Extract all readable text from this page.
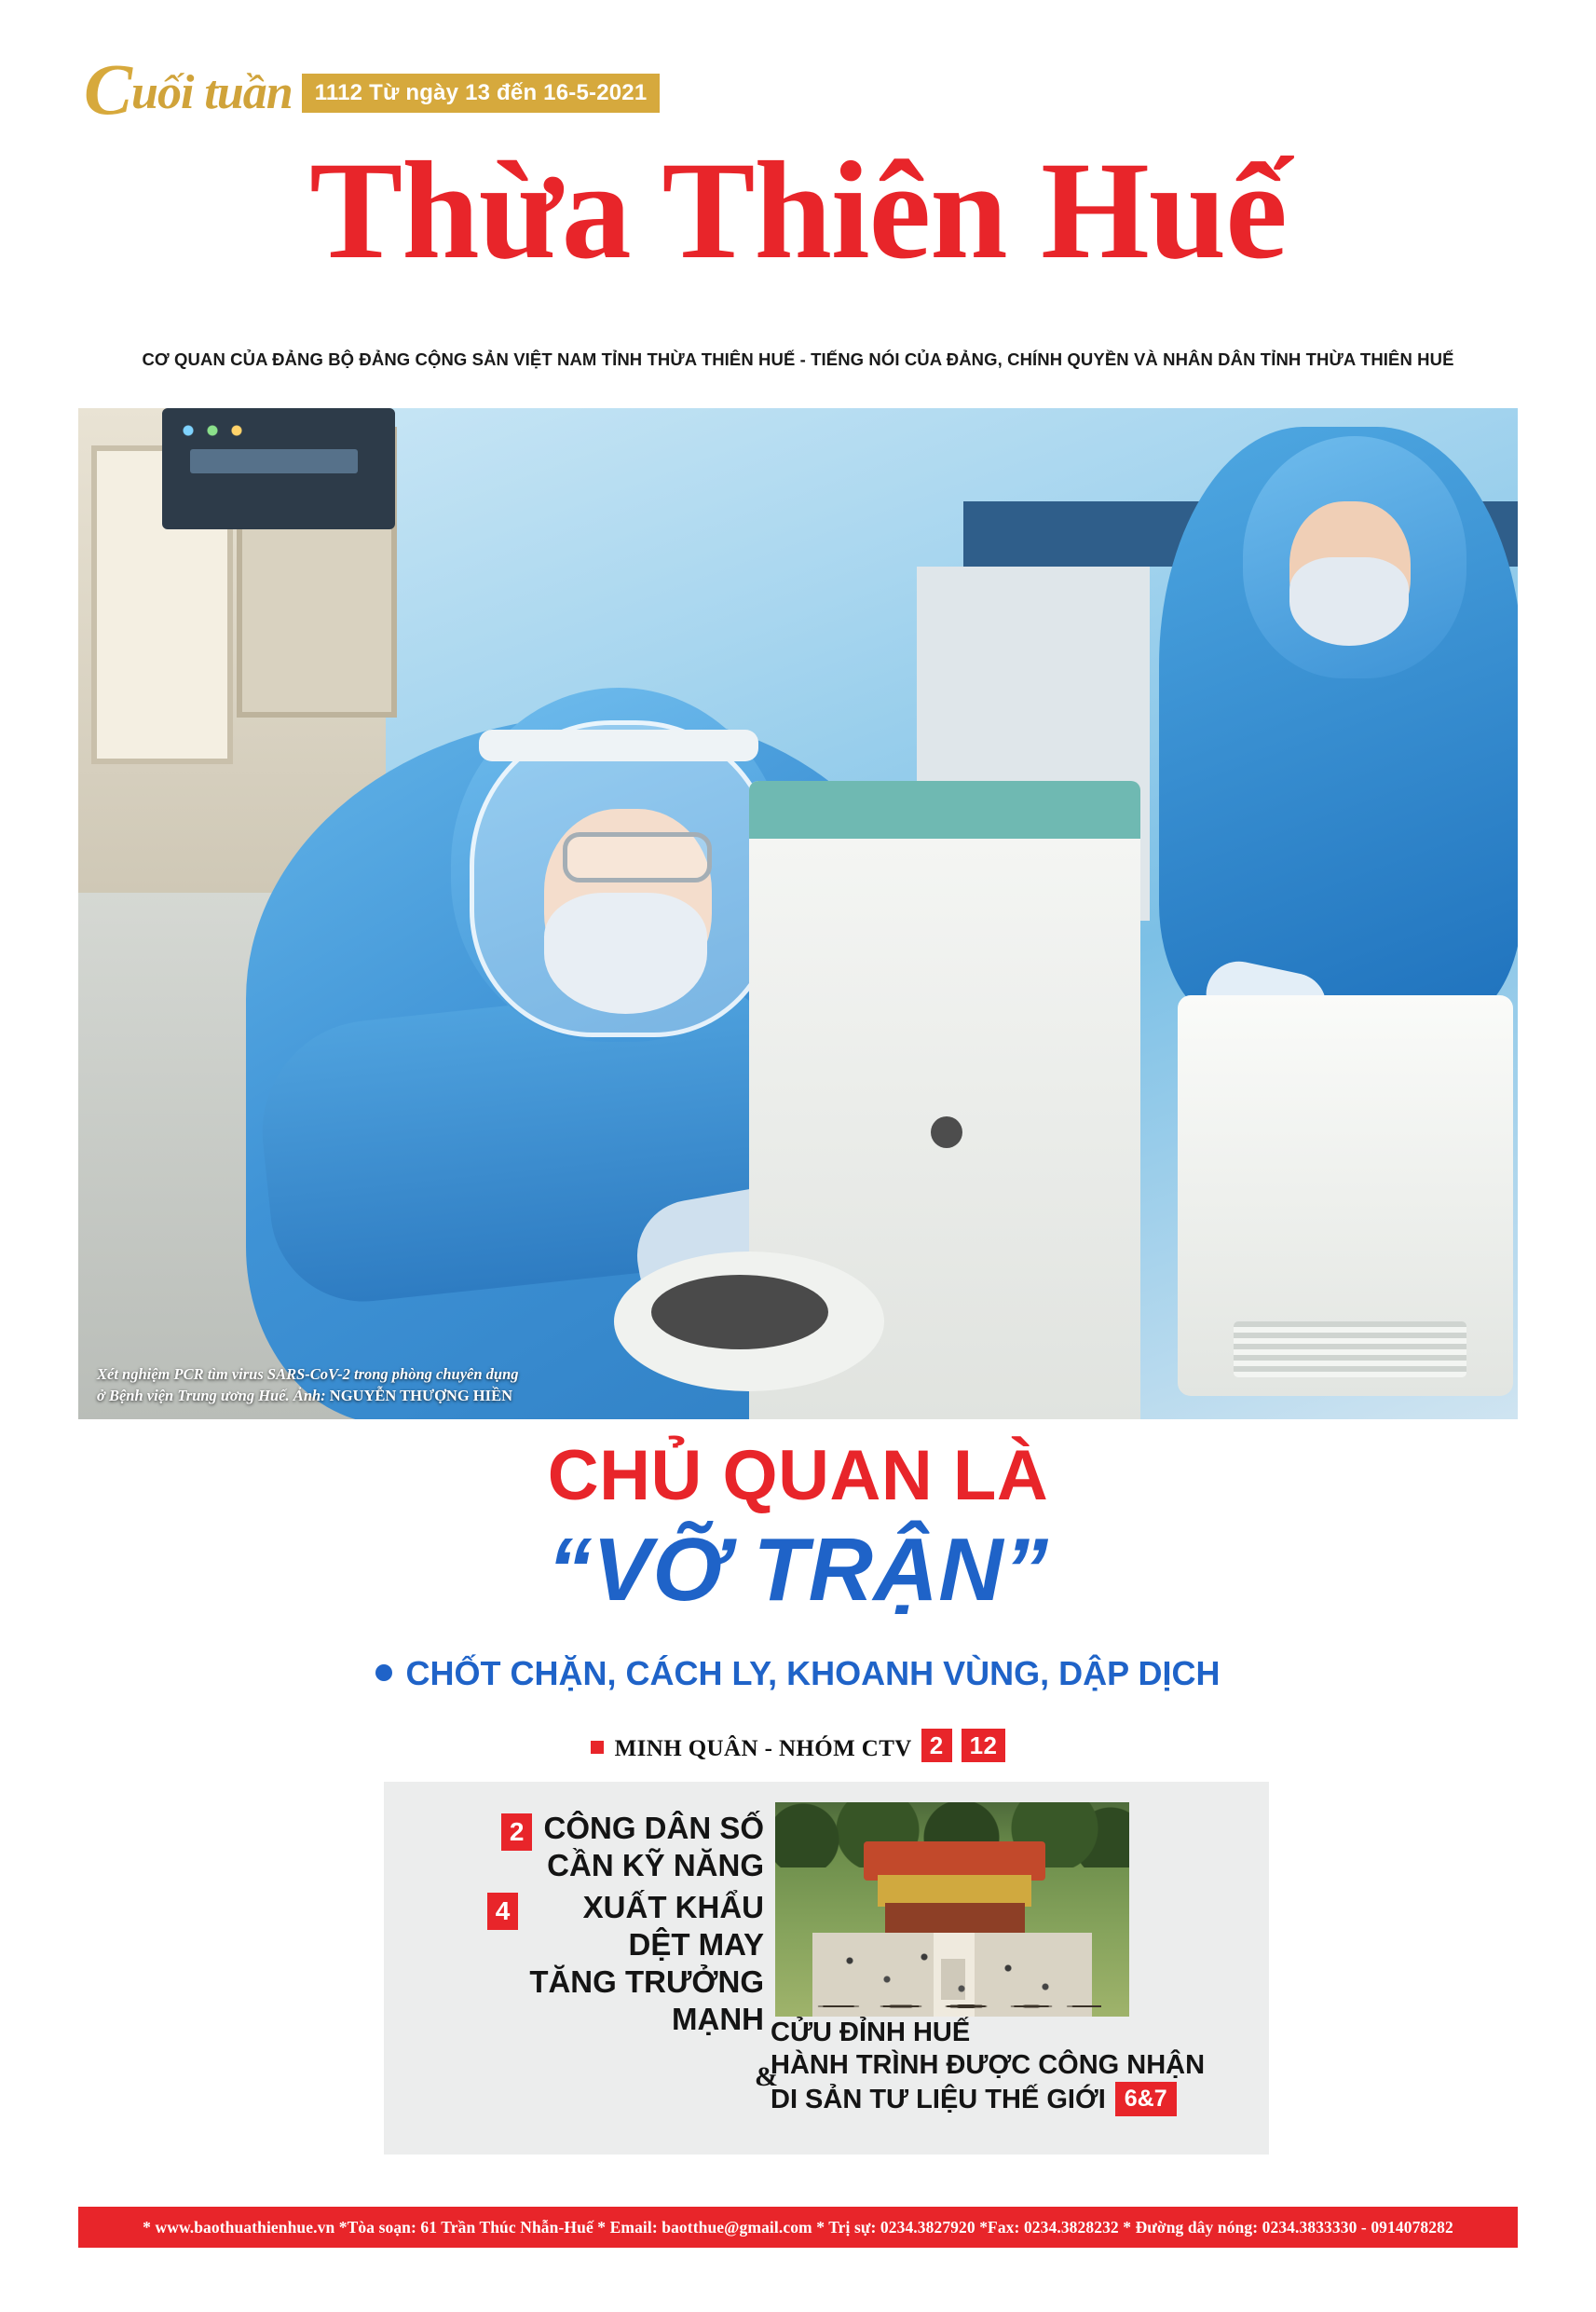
Cuối tuần	1112 Từ ngày 13 đến 16-5-2021
Thừa Thiên Huế
CƠ QUAN CỦA ĐẢNG BỘ ĐẢNG CỘNG SẢN VIỆT NAM TỈNH THỪA THIÊN HUẾ - TIẾNG NÓI CỦA ĐẢNG, CHÍNH QUYỀN VÀ NHÂN DÂN TỈNH THỪA THIÊN HUẾ
Xét nghiệm PCR tìm virus SARS-CoV-2 trong phòng chuyên dụng
ở Bệnh viện Trung ương Huế. Ảnh: NGUYỄN THƯỢNG HIỀN
CHỦ QUAN LÀ
“VỠ TRẬN”
CHỐT CHẶN, CÁCH LY, KHOANH VÙNG, DẬP DỊCH
MINH QUÂN - NHÓM CTV 2 12
2 CÔNG DÂN SỐ
CẦN KỸ NĂNG
4	XUẤT KHẨU
DỆT MAY
TĂNG TRƯỞNG
MẠNH
&
CỬU ĐỈNH HUẾ
HÀNH TRÌNH ĐƯỢC CÔNG NHẬN
DI SẢN TƯ LIỆU THẾ GIỚI 6&7
* www.baothuathienhue.vn *Tòa soạn: 61 Trần Thúc Nhẫn-Huế * Email: baotthue@gmail.com * Trị sự: 0234.3827920 *Fax: 0234.3828232 * Đường dây nóng: 0234.3833330 - 0914078282
